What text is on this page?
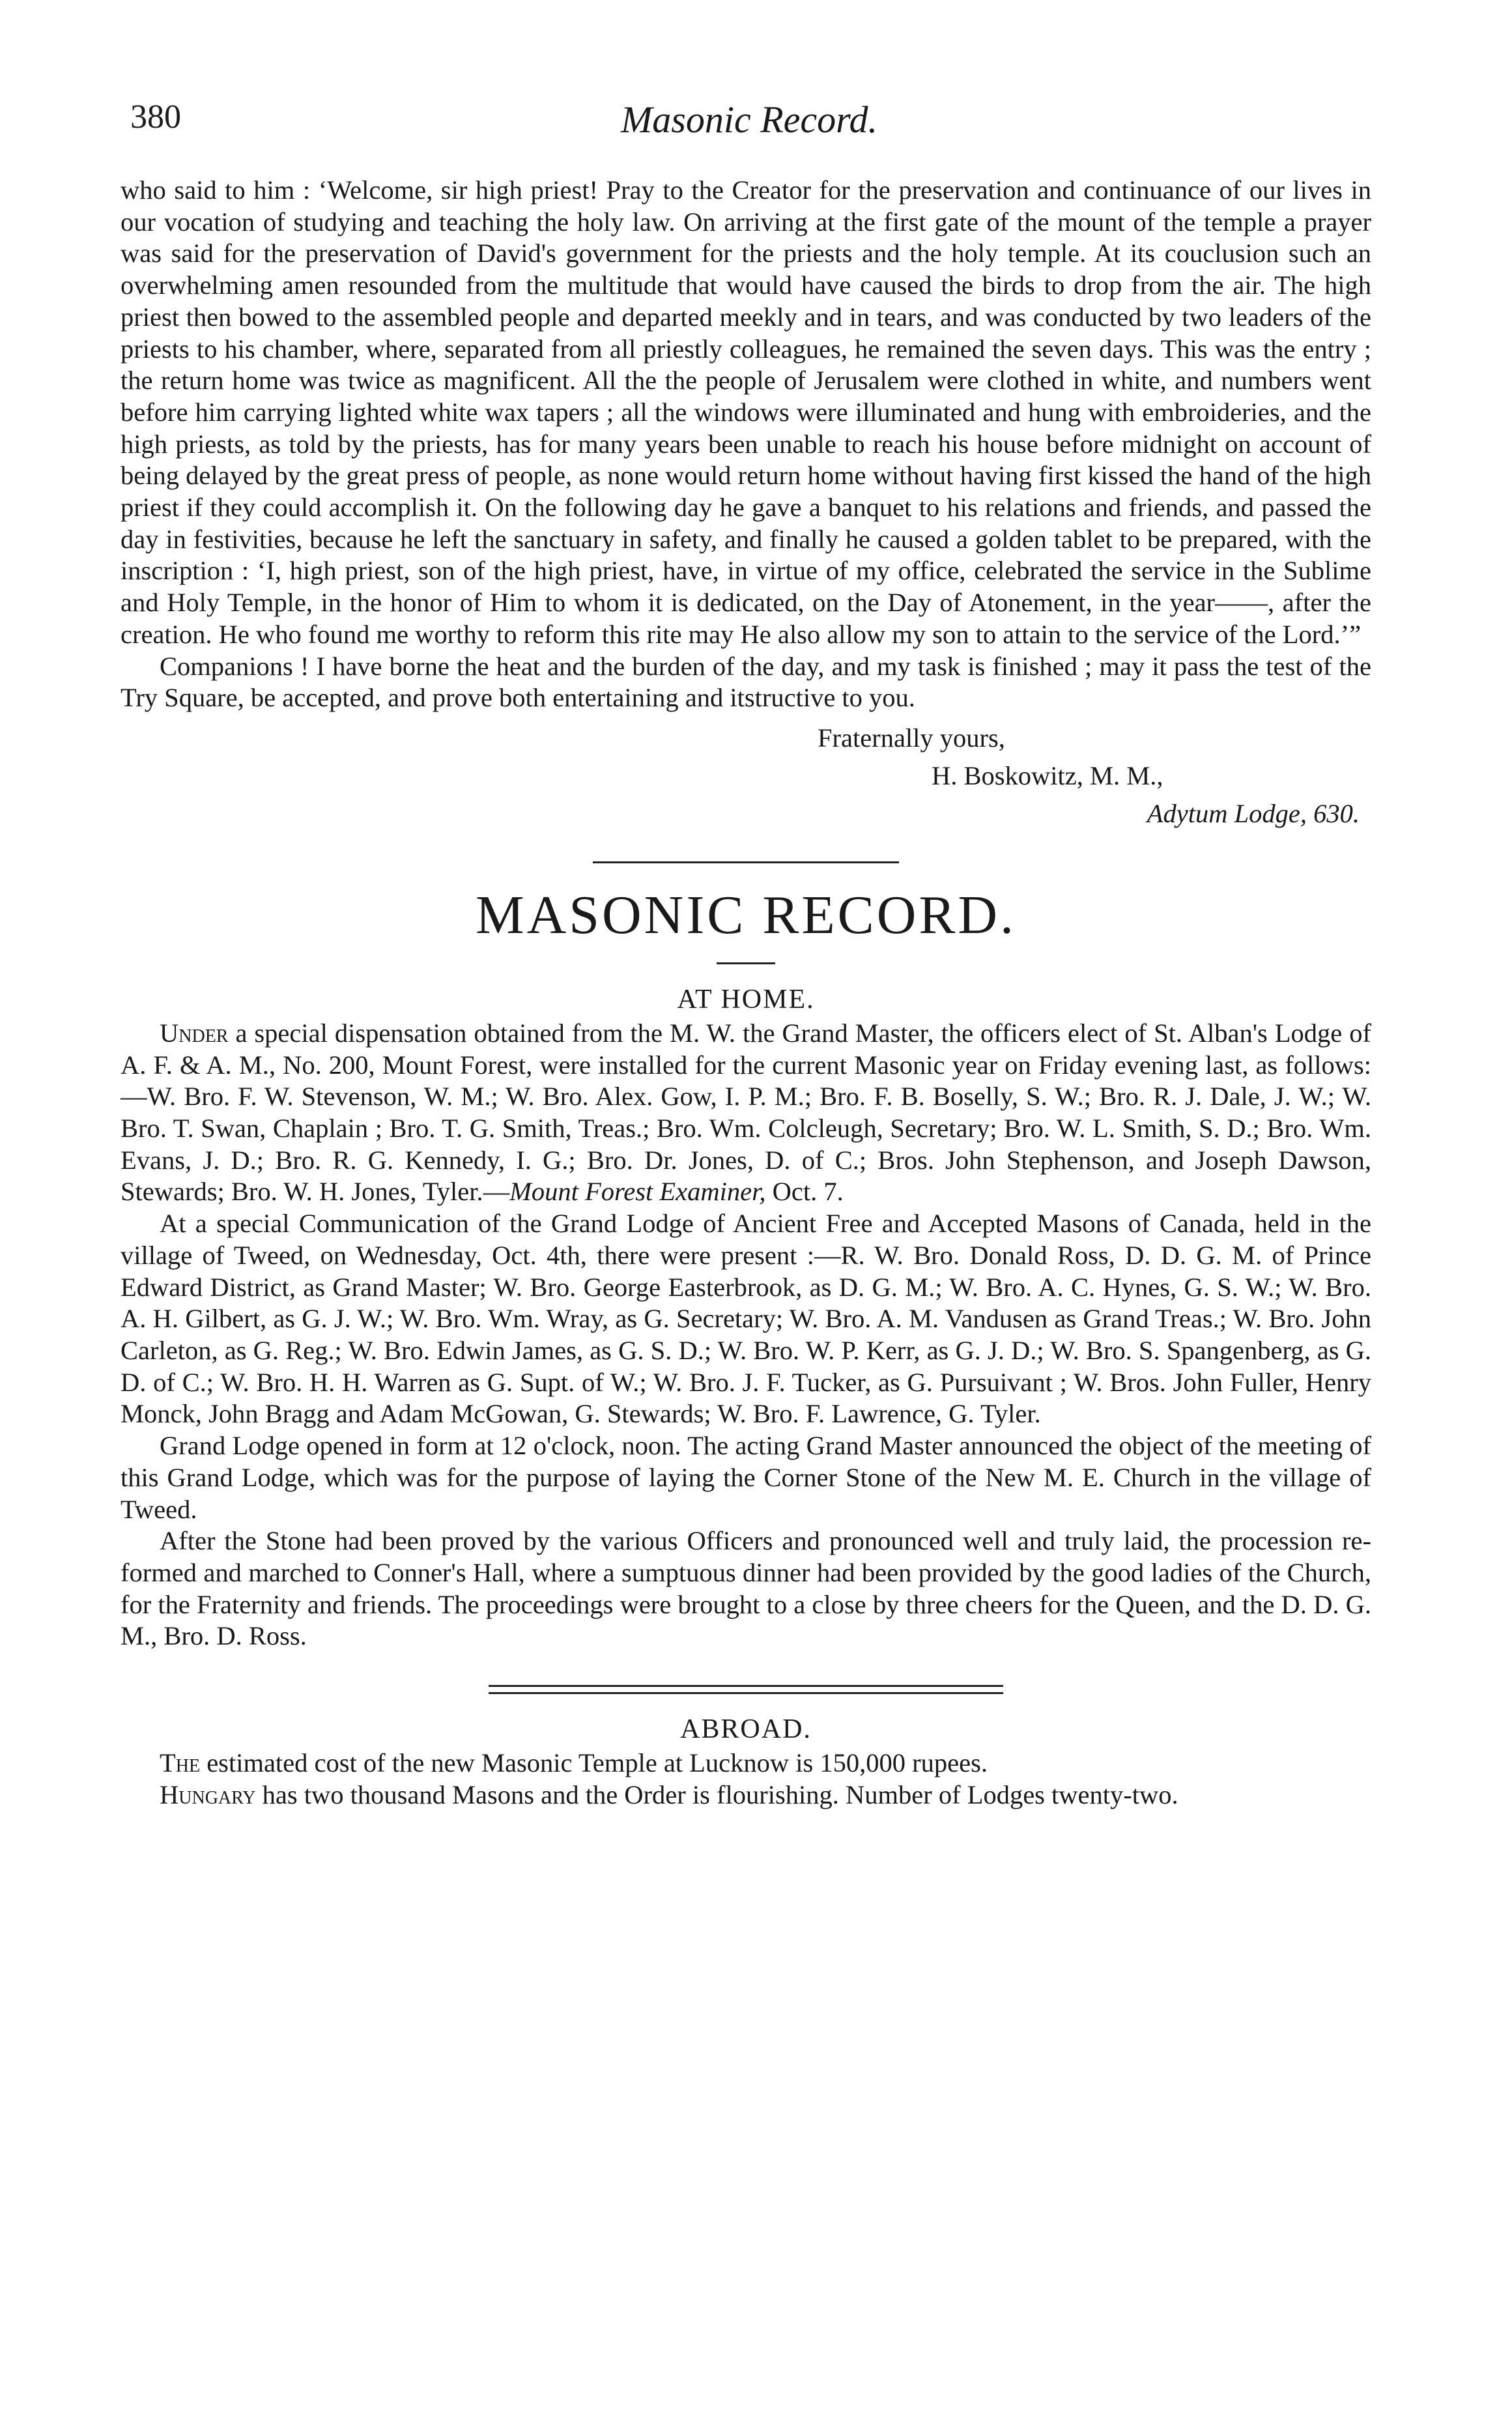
380	Masonic Record.

who said to him : ‘Welcome, sir high priest! Pray to the Creator for the preservation and continuance of our lives in our vocation of studying and teaching the holy law. On arriving at the first gate of the mount of the temple a prayer was said for the preservation of David's government for the priests and the holy temple. At its couclusion such an overwhelming amen resounded from the multitude that would have caused the birds to drop from the air. The high priest then bowed to the assembled people and departed meekly and in tears, and was conducted by two leaders of the priests to his chamber, where, separated from all priestly colleagues, he remained the seven days. This was the entry ; the return home was twice as magnificent. All the the people of Jerusalem were clothed in white, and numbers went before him carrying lighted white wax tapers ; all the windows were illuminated and hung with embroideries, and the high priests, as told by the priests, has for many years been unable to reach his house before midnight on account of being delayed by the great press of people, as none would return home without having first kissed the hand of the high priest if they could accomplish it. On the following day he gave a banquet to his relations and friends, and passed the day in festivities, because he left the sanctuary in safety, and finally he caused a golden tablet to be prepared, with the inscription : ‘I, high priest, son of the high priest, have, in virtue of my office, celebrated the service in the Sublime and Holy Temple, in the honor of Him to whom it is dedicated, on the Day of Atonement, in the year——, after the creation. He who found me worthy to reform this rite may He also allow my son to attain to the service of the Lord.’”

Companions ! I have borne the heat and the burden of the day, and my task is finished ; may it pass the test of the Try Square, be accepted, and prove both entertaining and itstructive to you.

Fraternally yours,
H. Boskowitz, M. M.,
Adytum Lodge, 630.
MASONIC RECORD.
AT HOME.

Under a special dispensation obtained from the M. W. the Grand Master, the officers elect of St. Alban's Lodge of A. F. & A. M., No. 200, Mount Forest, were installed for the current Masonic year on Friday evening last, as follows:—W. Bro. F. W. Stevenson, W. M.; W. Bro. Alex. Gow, I. P. M.; Bro. F. B. Boselly, S. W.; Bro. R. J. Dale, J. W.; W. Bro. T. Swan, Chaplain ; Bro. T. G. Smith, Treas.; Bro. Wm. Colcleugh, Secretary; Bro. W. L. Smith, S. D.; Bro. Wm. Evans, J. D.; Bro. R. G. Kennedy, I. G.; Bro. Dr. Jones, D. of C.; Bros. John Stephenson, and Joseph Dawson, Stewards; Bro. W. H. Jones, Tyler.—Mount Forest Examiner, Oct. 7.

At a special Communication of the Grand Lodge of Ancient Free and Accepted Masons of Canada, held in the village of Tweed, on Wednesday, Oct. 4th, there were present :—R. W. Bro. Donald Ross, D. D. G. M. of Prince Edward District, as Grand Master; W. Bro. George Easterbrook, as D. G. M.; W. Bro. A. C. Hynes, G. S. W.; W. Bro. A. H. Gilbert, as G. J. W.; W. Bro. Wm. Wray, as G. Secretary; W. Bro. A. M. Vandusen as Grand Treas.; W. Bro. John Carleton, as G. Reg.; W. Bro. Edwin James, as G. S. D.; W. Bro. W. P. Kerr, as G. J. D.; W. Bro. S. Spangenberg, as G. D. of C.; W. Bro. H. H. Warren as G. Supt. of W.; W. Bro. J. F. Tucker, as G. Pursuivant ; W. Bros. John Fuller, Henry Monck, John Bragg and Adam McGowan, G. Stewards; W. Bro. F. Lawrence, G. Tyler.

Grand Lodge opened in form at 12 o'clock, noon. The acting Grand Master announced the object of the meeting of this Grand Lodge, which was for the purpose of laying the Corner Stone of the New M. E. Church in the village of Tweed.

After the Stone had been proved by the various Officers and pronounced well and truly laid, the procession re-formed and marched to Conner's Hall, where a sumptuous dinner had been provided by the good ladies of the Church, for the Fraternity and friends. The proceedings were brought to a close by three cheers for the Queen, and the D. D. G. M., Bro. D. Ross.

ABROAD.

The estimated cost of the new Masonic Temple at Lucknow is 150,000 rupees.

Hungary has two thousand Masons and the Order is flourishing. Number of Lodges twenty-two.
